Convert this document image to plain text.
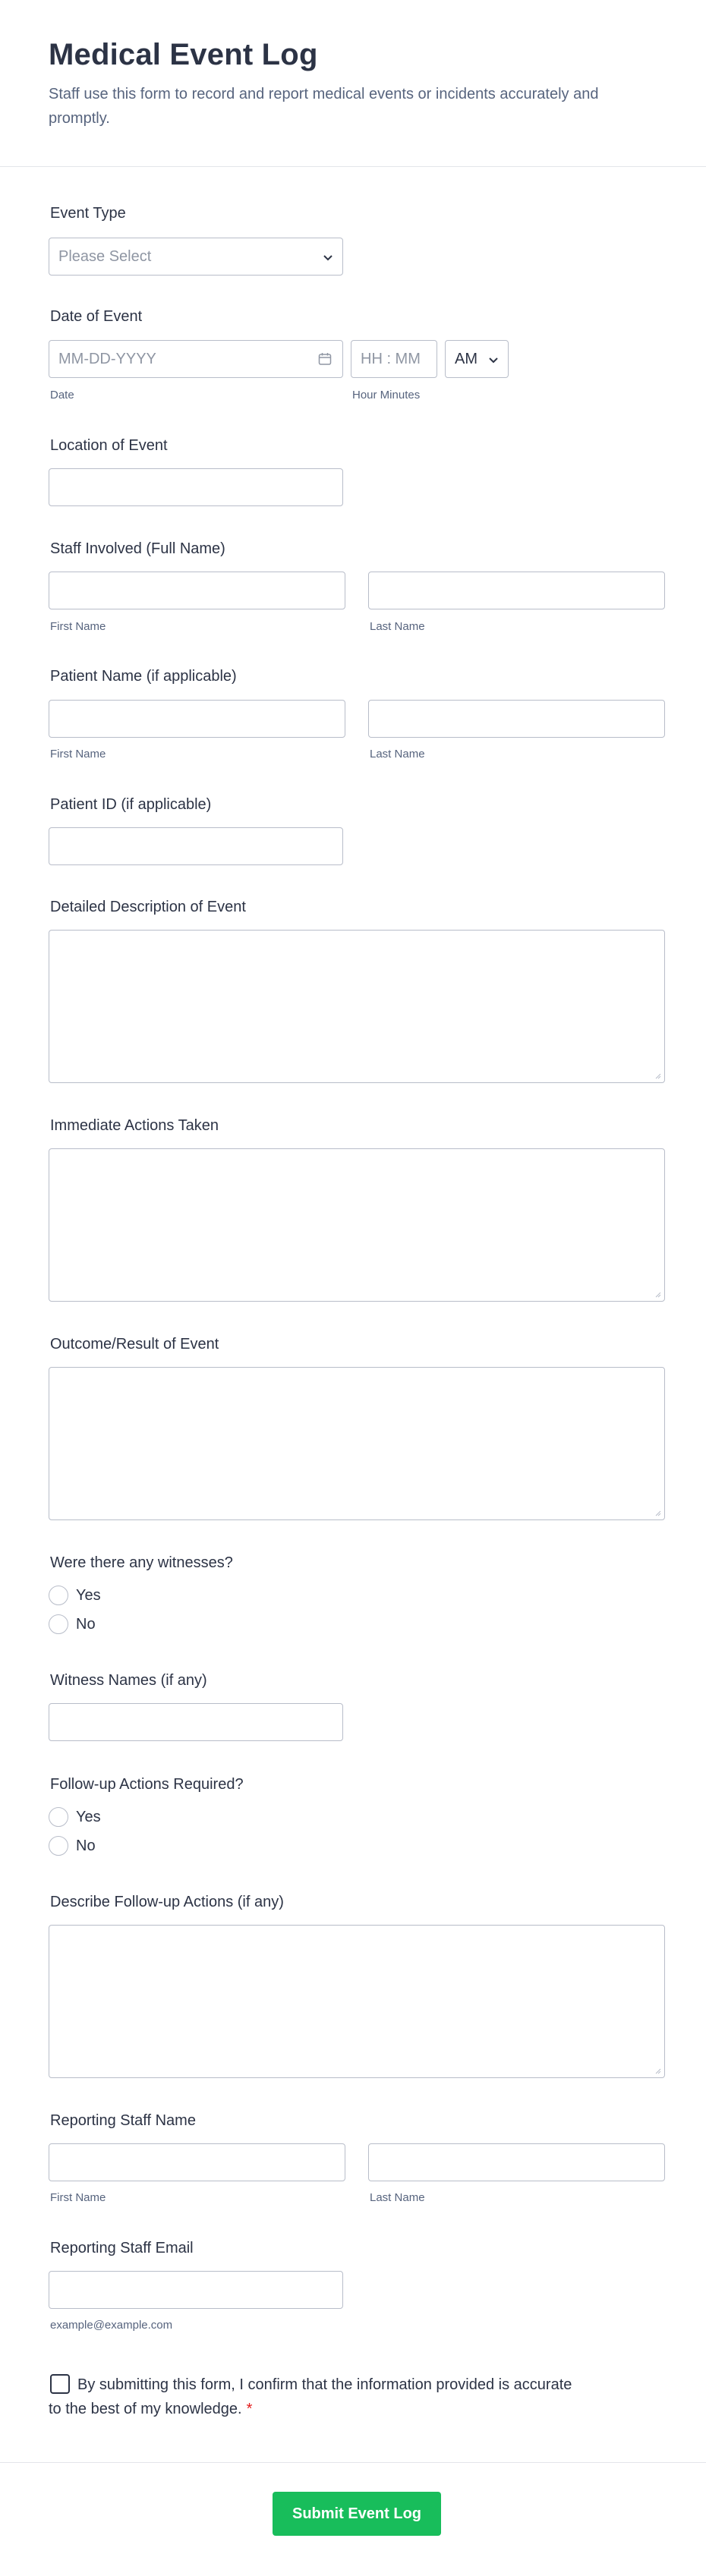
Medical Event Log

Staff use this form to record and report medical events or incidents accurately and promptly.

Event Type
Please Select
Date of Event
MM-DD-YYYY
Date
HH : MM
Hour Minutes
AM
Location of Event
Staff Involved (Full Name)
First Name	Last Name
Patient Name (if applicable)
First Name	Last Name
Patient ID (if applicable)
Detailed Description of Event
Immediate Actions Taken
Outcome/Result of Event
Were there any witnesses?
Yes
No
Witness Names (if any)
Follow-up Actions Required?
Yes
No
Describe Follow-up Actions (if any)
Reporting Staff Name
First Name	Last Name
Reporting Staff Email
example@example.com

By submitting this form, I confirm that the information provided is accurate to the best of my knowledge. *

Submit Event Log
